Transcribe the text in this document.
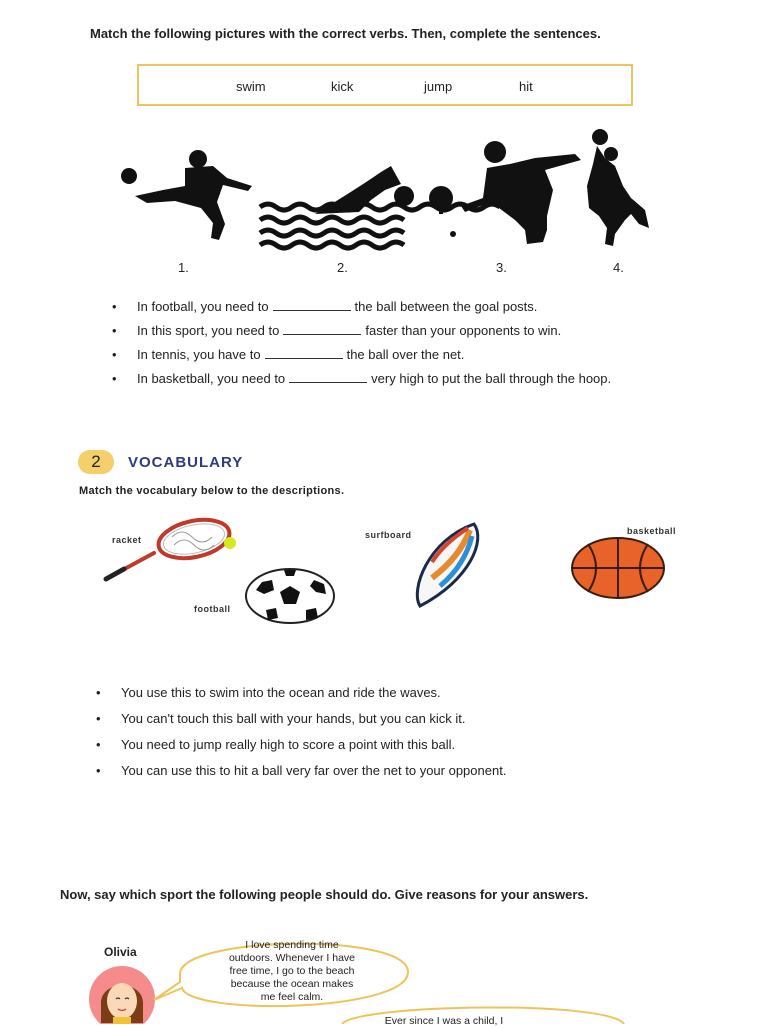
Match the following pictures with the correct verbs. Then, complete the sentences.
swim	kick	jump	hit
1.	2.	3.	4.
• In football, you need to	the ball between the goal posts.
• In this sport, you need to	faster than your opponents to win.
• In tennis, you have to	the ball over the net.
• In basketball, you need to	very high to put the ball through the hoop.
2	VOCABULARY
Match the vocabulary below to the descriptions.
racket	surfboard	basketball
football
• You use this to swim into the ocean and ride the waves.
• You can't touch this ball with your hands, but you can kick it.
• You need to jump really high to score a point with this ball.
• You can use this to hit a ball very far over the net to your opponent.
Now, say which sport the following people should do. Give reasons for your answers.
Olivia	I love spending time
outdoors. Whenever I have
free time, I go to the beach
because the ocean makes
me feel calm.
Ever since I was a child, I
